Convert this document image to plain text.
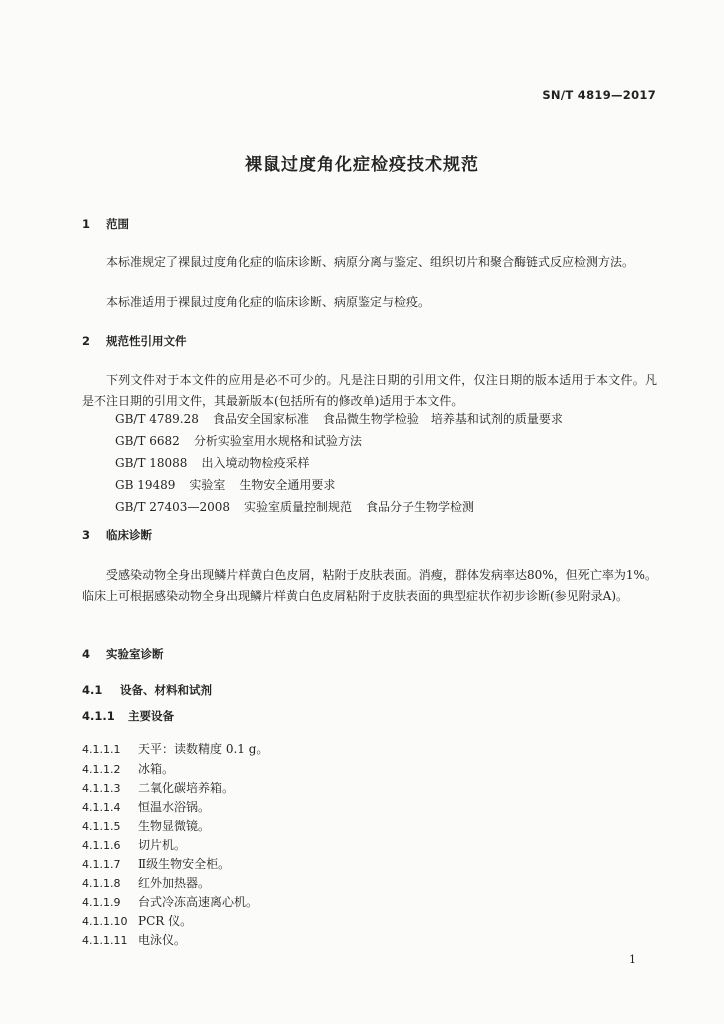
SN/T 4819—2017
裸鼠过度角化症检疫技术规范
1 范围
本标准规定了裸鼠过度角化症的临床诊断、病原分离与鉴定、组织切片和聚合酶链式反应检测方法。
本标准适用于裸鼠过度角化症的临床诊断、病原鉴定与检疫。
2 规范性引用文件
下列文件对于本文件的应用是必不可少的。凡是注日期的引用文件，仅注日期的版本适用于本文件。凡是不注日期的引用文件，其最新版本(包括所有的修改单)适用于本文件。
GB/T 4789.28 食品安全国家标准 食品微生物学检验　培养基和试剂的质量要求
GB/T 6682 分析实验室用水规格和试验方法
GB/T 18088 出入境动物检疫采样
GB 19489 实验室 生物安全通用要求
GB/T 27403—2008 实验室质量控制规范 食品分子生物学检测
3 临床诊断
受感染动物全身出现鳞片样黄白色皮屑，粘附于皮肤表面。消瘦，群体发病率达80%，但死亡率为1%。临床上可根据感染动物全身出现鳞片样黄白色皮屑粘附于皮肤表面的典型症状作初步诊断(参见附录A)。
4 实验室诊断
4.1 设备、材料和试剂
4.1.1 主要设备
4.1.1.1 天平：读数精度 0.1 g。
4.1.1.2 冰箱。
4.1.1.3 二氧化碳培养箱。
4.1.1.4 恒温水浴锅。
4.1.1.5 生物显微镜。
4.1.1.6 切片机。
4.1.1.7 Ⅱ级生物安全柜。
4.1.1.8 红外加热器。
4.1.1.9 台式冷冻高速离心机。
4.1.1.10 PCR 仪。
4.1.1.11 电泳仪。
1
